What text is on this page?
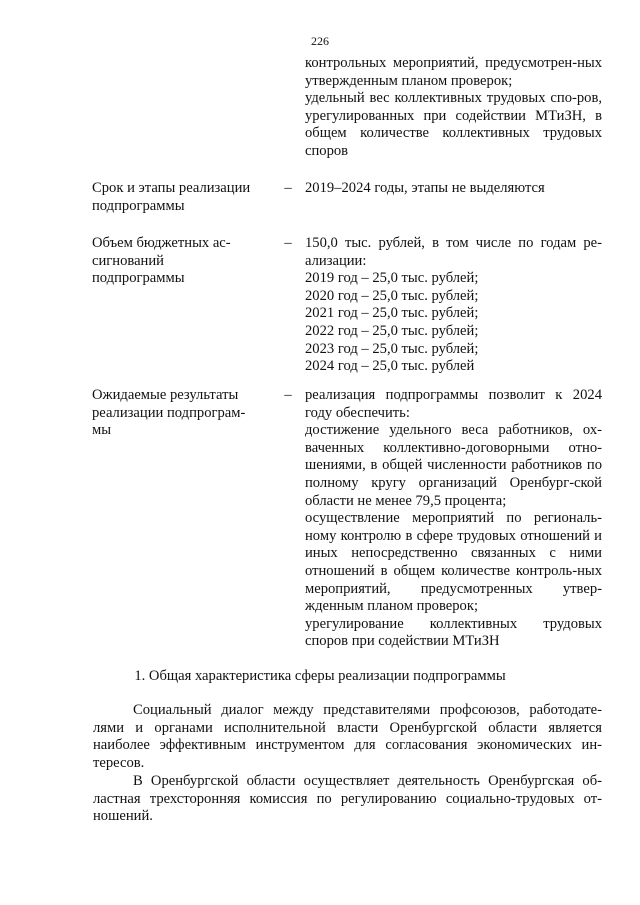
226

контрольных мероприятий, предусмотрен-ных утвержденным планом проверок;

удельный вес коллективных трудовых спо-ров, урегулированных при содействии МТиЗН, в общем количестве коллективных трудовых споров

Срок и этапы реализации подпрограммы
– 2019–2024 годы, этапы не выделяются

Объем бюджетных ас-сигнований подпрограммы
– 150,0 тыс. рублей, в том числе по годам ре-ализации:

2019 год – 25,0 тыс. рублей;

2020 год – 25,0 тыс. рублей;

2021 год – 25,0 тыс. рублей;

2022 год – 25,0 тыс. рублей;

2023 год – 25,0 тыс. рублей;

2024 год – 25,0 тыс. рублей

Ожидаемые результаты реализации подпрограм-мы
– реализация подпрограммы позволит к 2024 году обеспечить:

достижение удельного веса работников, ох-ваченных коллективно-договорными отно-шениями, в общей численности работников по полному кругу организаций Оренбург-ской области не менее 79,5 процента;

осуществление мероприятий по региональ-ному контролю в сфере трудовых отношений и иных непосредственно связанных с ними отношений в общем количестве контроль-ных мероприятий, предусмотренных утвер-жденным планом проверок;

урегулирование коллективных трудовых споров при содействии МТиЗН

1. Общая характеристика сферы реализации подпрограммы

Социальный диалог между представителями профсоюзов, работодате-лями и органами исполнительной власти Оренбургской области является наиболее эффективным инструментом для согласования экономических ин-тересов.

В Оренбургской области осуществляет деятельность Оренбургская об-ластная трехсторонняя комиссия по регулированию социально-трудовых от-ношений.
